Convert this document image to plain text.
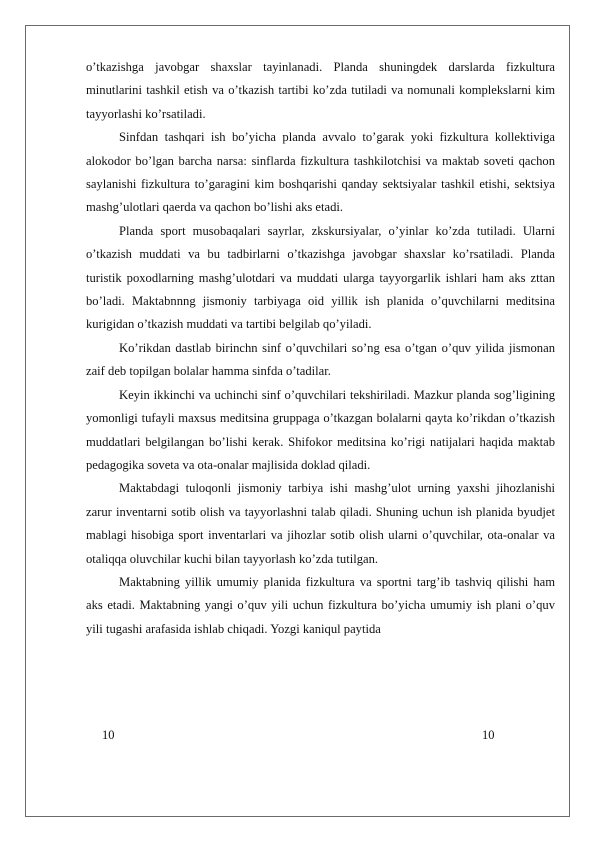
o’tkazishga javobgar shaxslar tayinlanadi. Planda shuningdek darslarda fizkultura minutlarini tashkil etish va o’tkazish tartibi ko’zda tutiladi va nomunali komplekslarni kim tayyorlashi ko’rsatiladi.

Sinfdan tashqari ish bo’yicha planda avvalo to’garak yoki fizkultura kollektiviga alokodor bo’lgan barcha narsa: sinflarda fizkultura tashkilotchisi va maktab soveti qachon saylanishi fizkultura to’garagini kim boshqarishi qanday sektsiyalar tashkil etishi, sektsiya mashg’ulotlari qaerda va qachon bo’lishi aks etadi.

Planda sport musobaqalari sayrlar, zkskursiyalar, o’yinlar ko’zda tutiladi. Ularni o’tkazish muddati va bu tadbirlarni o’tkazishga javobgar shaxslar ko’rsatiladi. Planda turistik poxodlarning mashg’ulotdari va muddati ularga tayyorgarlik ishlari ham aks zttan bo’ladi. Maktabnnng jismoniy tarbiyaga oid yillik ish planida o’quvchilarni meditsina kurigidan o’tkazish muddati va tartibi belgilab qo’yiladi.

Ko’rikdan dastlab birinchn sinf o’quvchilari so’ng esa o’tgan o’quv yilida jismonan zaif deb topilgan bolalar hamma sinfda o’tadilar.

Keyin ikkinchi va uchinchi sinf o’quvchilari tekshiriladi. Mazkur planda sog’ligining yomonligi tufayli maxsus meditsina gruppaga o’tkazgan bolalarni qayta ko’rikdan o’tkazish muddatlari belgilangan bo’lishi kerak. Shifokor meditsina ko’rigi natijalari haqida maktab pedagogika soveta va ota-onalar majlisida doklad qiladi.

Maktabdagi tuloqonli jismoniy tarbiya ishi mashg’ulot urning yaxshi jihozlanishi zarur inventarni sotib olish va tayyorlashni talab qiladi. Shuning uchun ish planida byudjet mablagi hisobiga sport inventarlari va jihozlar sotib olish ularni o’quvchilar, ota-onalar va otaliqqa oluvchilar kuchi bilan tayyorlash ko’zda tutilgan.

Maktabning yillik umumiy planida fizkultura va sportni targ’ib tashviq qilishi ham aks etadi. Maktabning yangi o’quv yili uchun fizkultura bo’yicha umumiy ish plani o’quv yili tugashi arafasida ishlab chiqadi. Yozgi kaniqul paytida

10	10
